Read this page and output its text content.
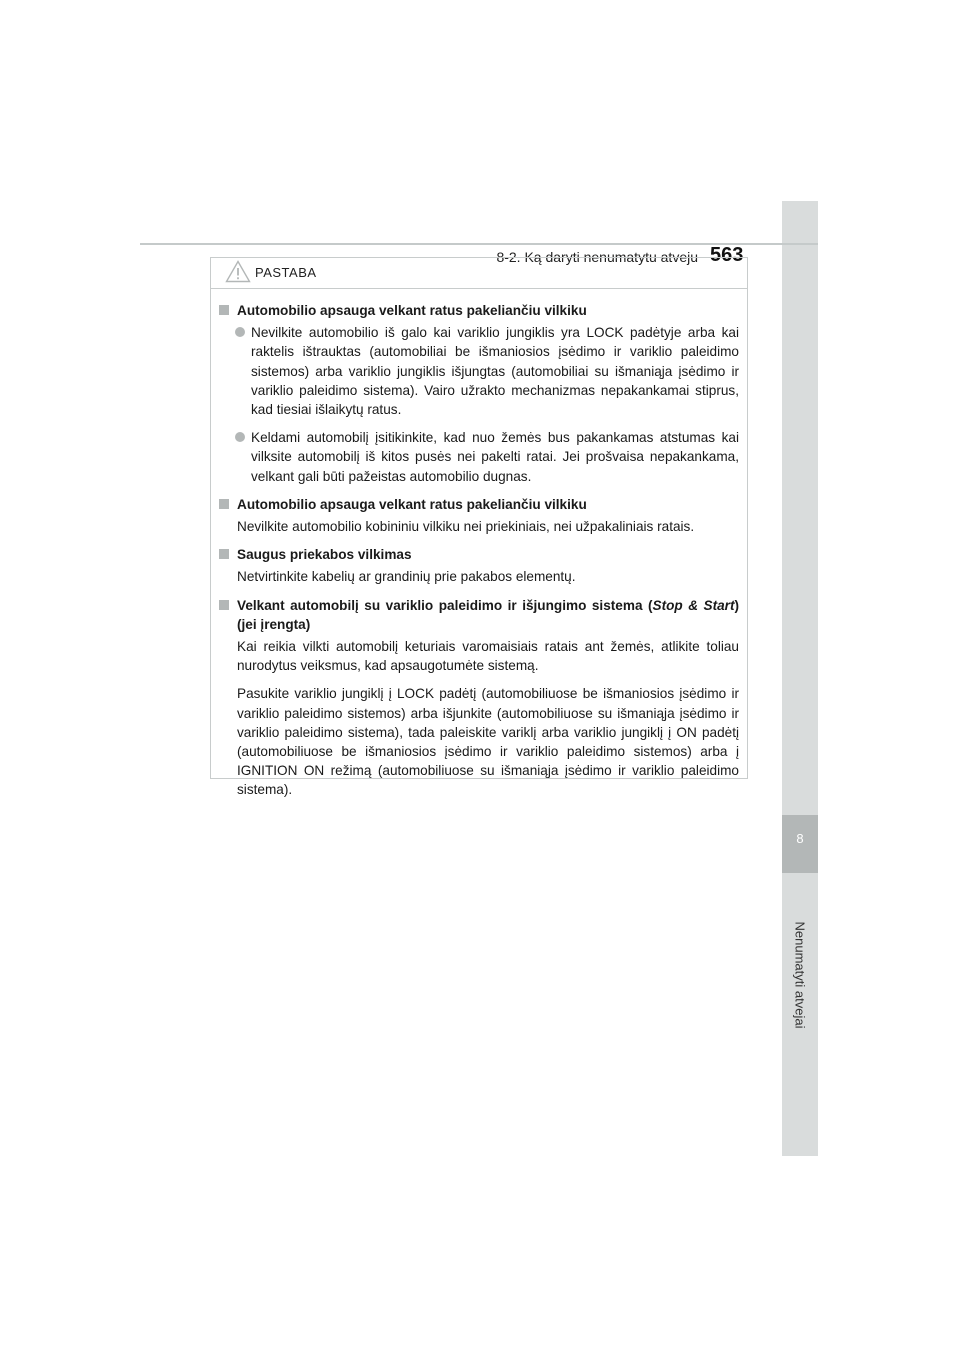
8
Nenumatyti atvejai
8-2. Ką daryti nenumatytu atveju 563
PASTABA
Automobilio apsauga velkant ratus pakeliančiu vilkiku
Nevilkite automobilio iš galo kai variklio jungiklis yra LOCK padėtyje arba kai raktelis ištrauktas (automobiliai be išmaniosios įsėdimo ir variklio paleidimo sistemos) arba variklio jungiklis išjungtas (automobiliai su išmaniąja įsėdimo ir variklio paleidimo sistema). Vairo užrakto mechanizmas nepakankamai stiprus, kad tiesiai išlaikytų ratus.
Keldami automobilį įsitikinkite, kad nuo žemės bus pakankamas atstumas kai vilksite automobilį iš kitos pusės nei pakelti ratai. Jei prošvaisa nepakankama, velkant gali būti pažeistas automobilio dugnas.
Automobilio apsauga velkant ratus pakeliančiu vilkiku
Nevilkite automobilio kobininiu vilkiku nei priekiniais, nei užpakaliniais ratais.
Saugus priekabos vilkimas
Netvirtinkite kabelių ar grandinių prie pakabos elementų.
Velkant automobilį su variklio paleidimo ir išjungimo sistema (Stop & Start) (jei įrengta)
Kai reikia vilkti automobilį keturiais varomaisiais ratais ant žemės, atlikite toliau nurodytus veiksmus, kad apsaugotumėte sistemą.
Pasukite variklio jungiklį į LOCK padėtį (automobiliuose be išmaniosios įsėdimo ir variklio paleidimo sistemos) arba išjunkite (automobiliuose su išmaniąja įsėdimo ir variklio paleidimo sistema), tada paleiskite variklį arba variklio jungiklį į ON padėtį (automobiliuose be išmaniosios įsėdimo ir variklio paleidimo sistemos) arba į IGNITION ON režimą (automobiliuose su išmaniąja įsėdimo ir variklio paleidimo sistema).
